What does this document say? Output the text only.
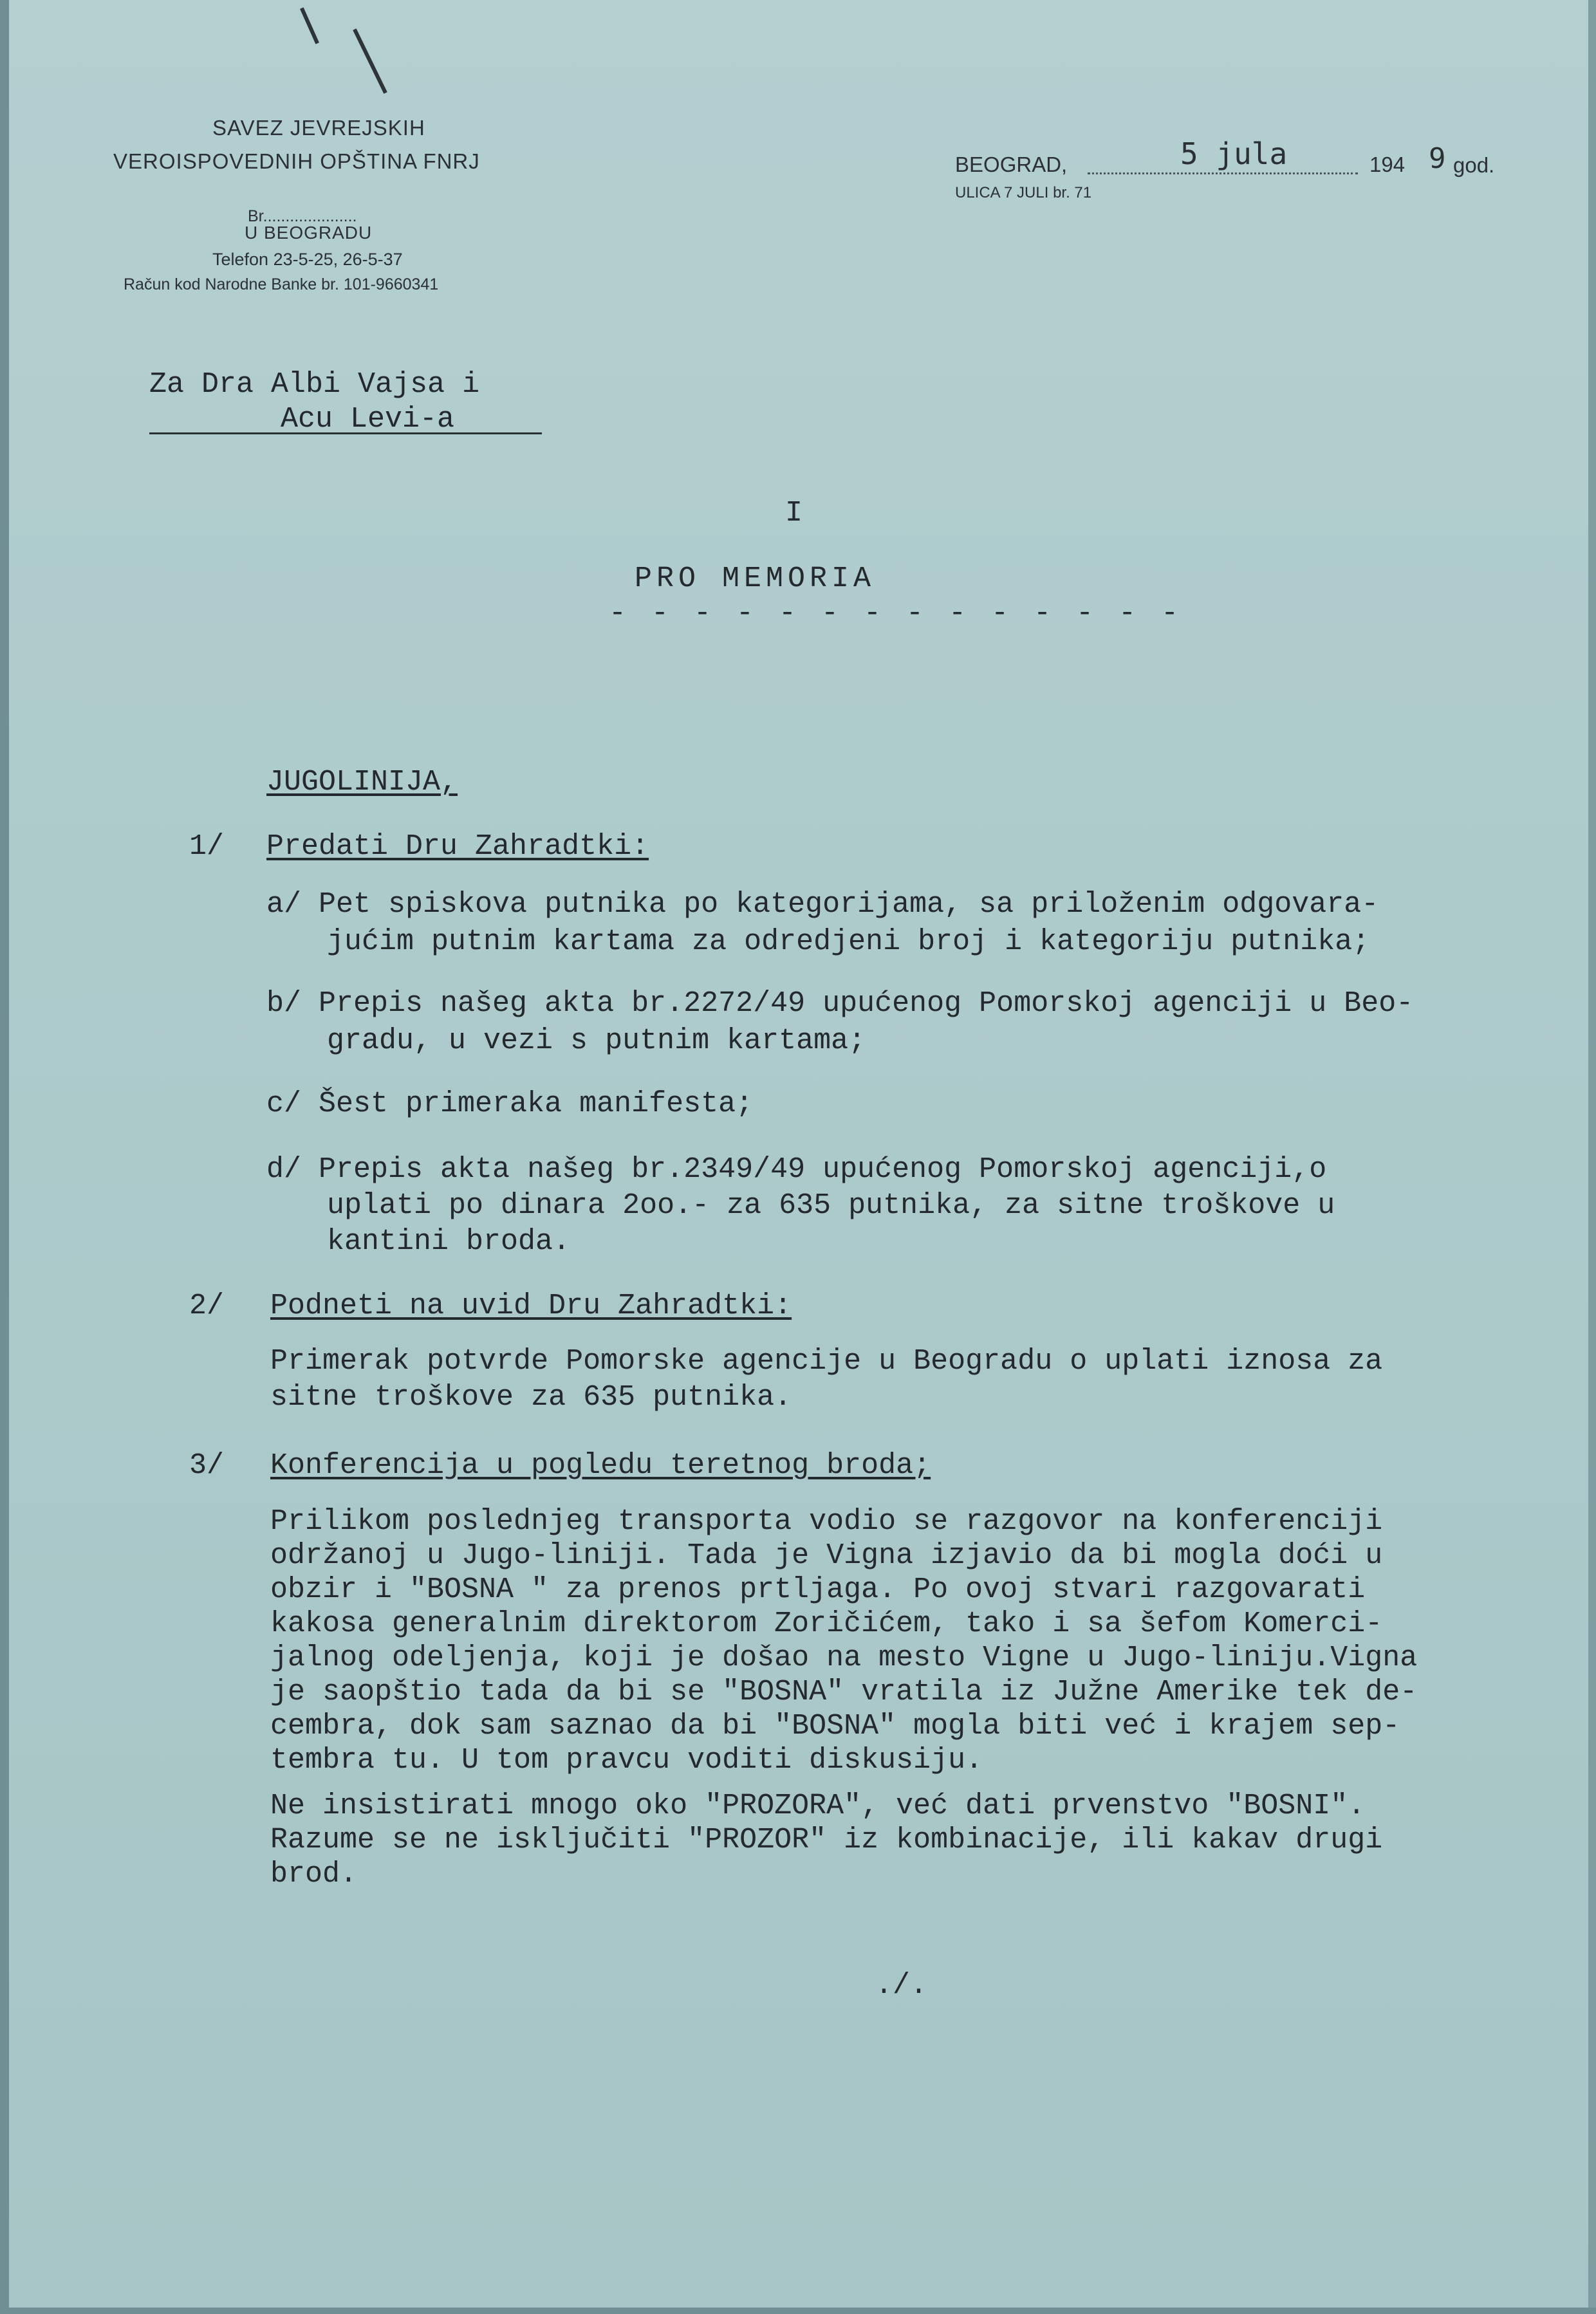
SAVEZ JEVREJSKIH
VEROISPOVEDNIH OPŠTINA FNRJ
Br.....................
U BEOGRADU
Telefon 23-5-25, 26-5-37
Račun kod Narodne Banke br. 101-9660341
BEOGRAD,	5 jula	194 9 god.
ULICA 7 JULI br. 71
Za Dra Albi Vajsa i
Acu Levi-a
I
PRO MEMORIA
- - - - - - - - - - - - - -
JUGOLINIJA,
1/ Predati Dru Zahradtki:
a/ Pet spiskova putnika po kategorijama, sa priloženim odgovara-
jućim putnim kartama za odredjeni broj i kategoriju putnika;
b/ Prepis našeg akta br.2272/49 upućenog Pomorskoj agenciji u Beo-
gradu, u vezi s putnim kartama;
c/ Šest primeraka manifesta;
d/ Prepis akta našeg br.2349/49 upućenog Pomorskoj agenciji,o
uplati po dinara 2oo.- za 635 putnika, za sitne troškove u
kantini broda.
2/ Podneti na uvid Dru Zahradtki:
Primerak potvrde Pomorske agencije u Beogradu o uplati iznosa za
sitne troškove za 635 putnika.
3/ Konferencija u pogledu teretnog broda;
Prilikom poslednjeg transporta vodio se razgovor na konferenciji
održanoj u Jugo-liniji. Tada je Vigna izjavio da bi mogla doći u
obzir i "BOSNA " za prenos prtljaga. Po ovoj stvari razgovarati
kakosa generalnim direktorom Zoričićem, tako i sa šefom Komerci-
jalnog odeljenja, koji je došao na mesto Vigne u Jugo-liniju.Vigna
je saopštio tada da bi se "BOSNA" vratila iz Južne Amerike tek de-
cembra, dok sam saznao da bi "BOSNA" mogla biti već i krajem sep-
tembra tu. U tom pravcu voditi diskusiju.
Ne insistirati mnogo oko "PROZORA", već dati prvenstvo "BOSNI".
Razume se ne isključiti "PROZOR" iz kombinacije, ili kakav drugi
brod.
./.
